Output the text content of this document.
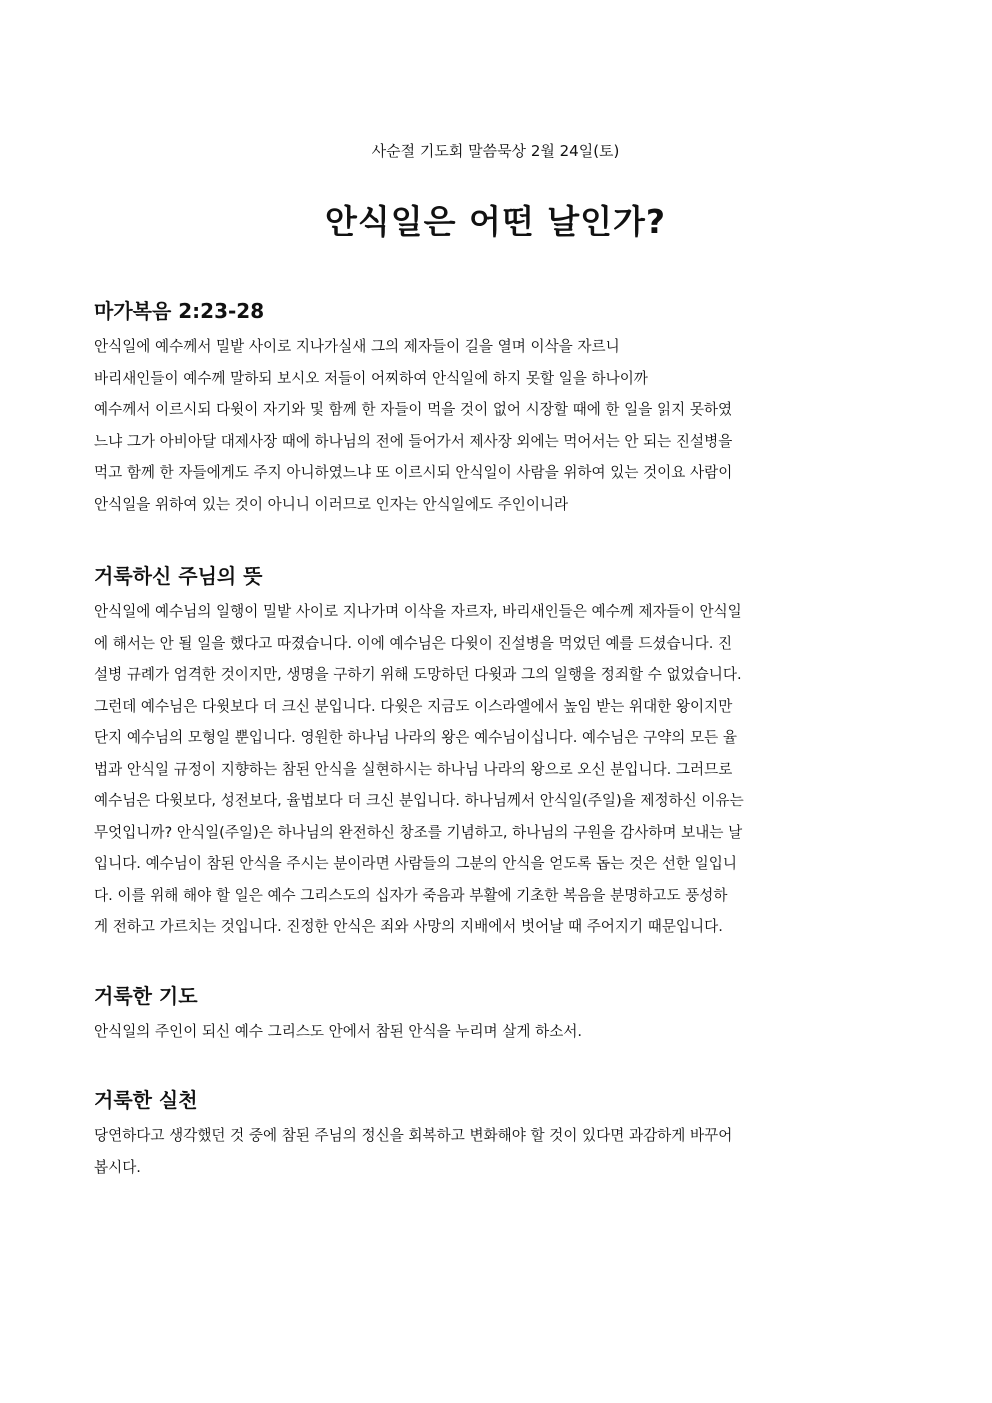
사순절 기도회 말씀묵상 2월 24일(토)
안식일은 어떤 날인가?
마가복음 2:23-28

안식일에 예수께서 밀밭 사이로 지나가실새 그의 제자들이 길을 열며 이삭을 자르니
바리새인들이 예수께 말하되 보시오 저들이 어찌하여 안식일에 하지 못할 일을 하나이까
예수께서 이르시되 다윗이 자기와 및 함께 한 자들이 먹을 것이 없어 시장할 때에 한 일을 읽지 못하였
느냐 그가 아비아달 대제사장 때에 하나님의 전에 들어가서 제사장 외에는 먹어서는 안 되는 진설병을
먹고 함께 한 자들에게도 주지 아니하였느냐 또 이르시되 안식일이 사람을 위하여 있는 것이요 사람이
안식일을 위하여 있는 것이 아니니 이러므로 인자는 안식일에도 주인이니라

거룩하신 주님의 뜻

안식일에 예수님의 일행이 밀밭 사이로 지나가며 이삭을 자르자, 바리새인들은 예수께 제자들이 안식일
에 해서는 안 될 일을 했다고 따졌습니다. 이에 예수님은 다윗이 진설병을 먹었던 예를 드셨습니다. 진
설병 규례가 엄격한 것이지만, 생명을 구하기 위해 도망하던 다윗과 그의 일행을 정죄할 수 없었습니다.
그런데 예수님은 다윗보다 더 크신 분입니다. 다윗은 지금도 이스라엘에서 높임 받는 위대한 왕이지만
단지 예수님의 모형일 뿐입니다. 영원한 하나님 나라의 왕은 예수님이십니다. 예수님은 구약의 모든 율
법과 안식일 규정이 지향하는 참된 안식을 실현하시는 하나님 나라의 왕으로 오신 분입니다. 그러므로
예수님은 다윗보다, 성전보다, 율법보다 더 크신 분입니다. 하나님께서 안식일(주일)을 제정하신 이유는
무엇입니까? 안식일(주일)은 하나님의 완전하신 창조를 기념하고, 하나님의 구원을 감사하며 보내는 날
입니다. 예수님이 참된 안식을 주시는 분이라면 사람들의 그분의 안식을 얻도록 돕는 것은 선한 일입니
다. 이를 위해 해야 할 일은 예수 그리스도의 십자가 죽음과 부활에 기초한 복음을 분명하고도 풍성하
게 전하고 가르치는 것입니다. 진정한 안식은 죄와 사망의 지배에서 벗어날 때 주어지기 때문입니다.

거룩한 기도

안식일의 주인이 되신 예수 그리스도 안에서 참된 안식을 누리며 살게 하소서.

거룩한 실천

당연하다고 생각했던 것 중에 참된 주님의 정신을 회복하고 변화해야 할 것이 있다면 과감하게 바꾸어
봅시다.
